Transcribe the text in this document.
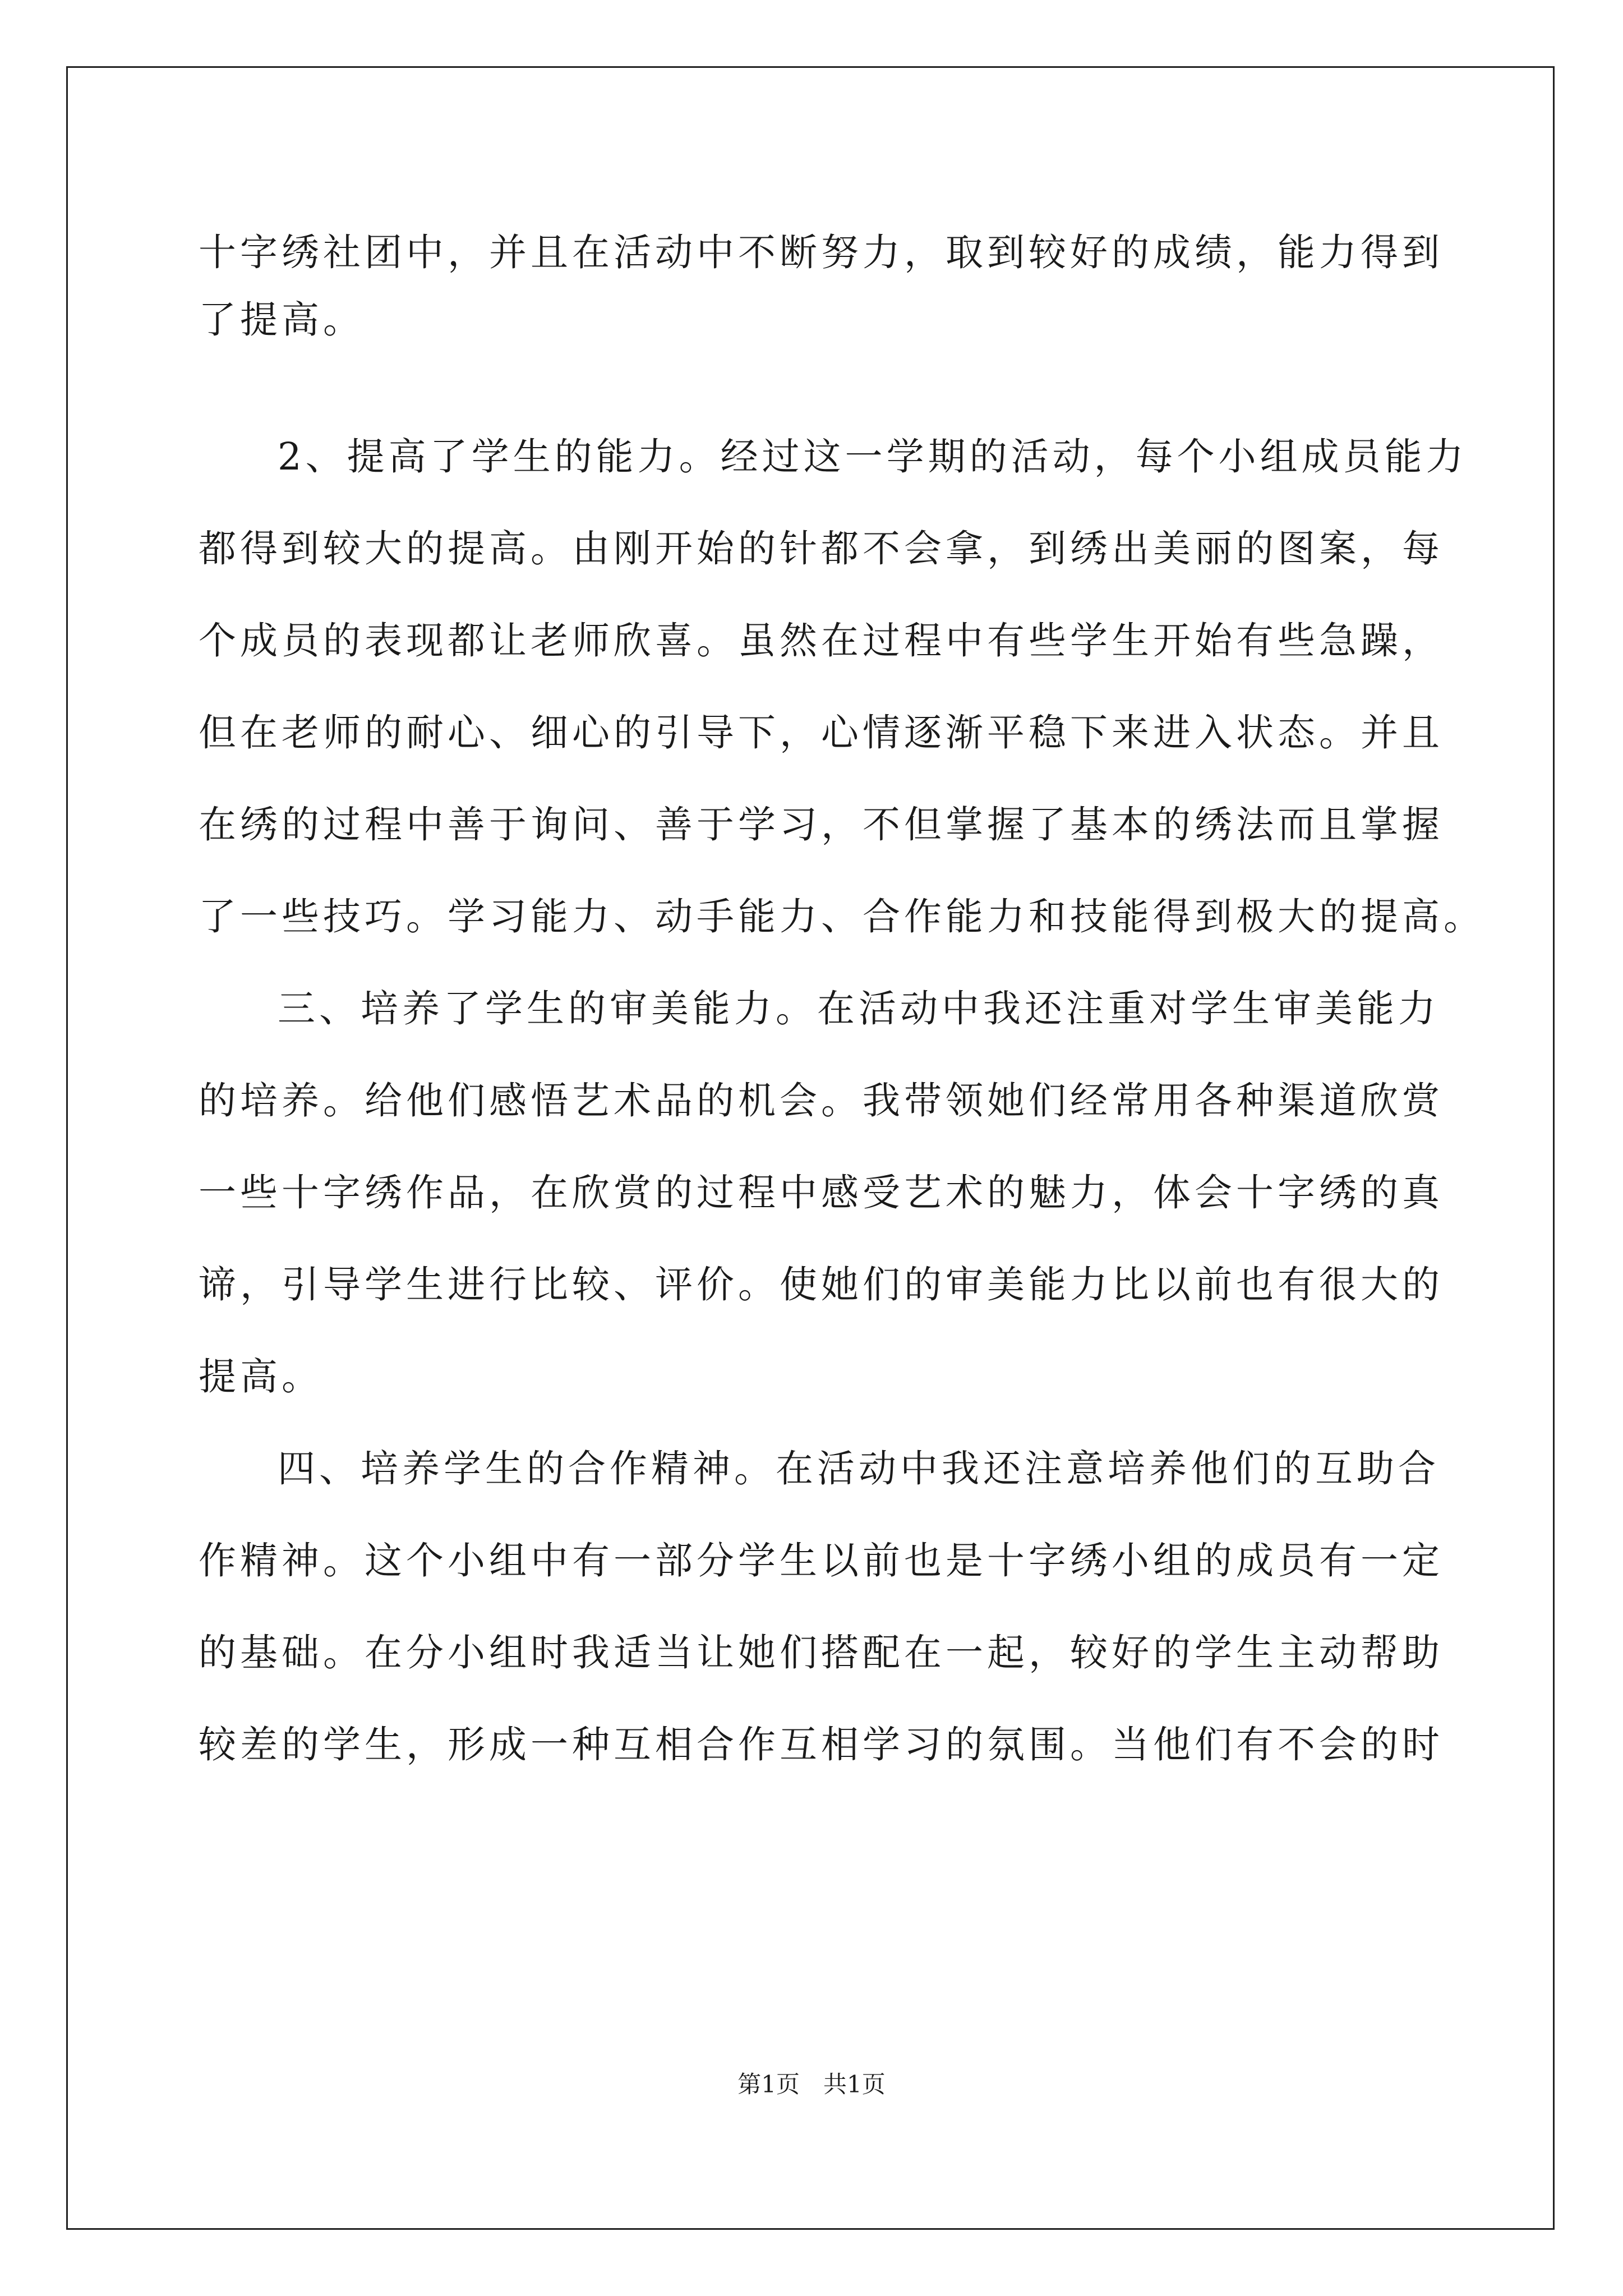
十字绣社团中，并且在活动中不断努力，取到较好的成绩，能力得到
了提高。
2、提高了学生的能力。经过这一学期的活动，每个小组成员能力
都得到较大的提高。由刚开始的针都不会拿，到绣出美丽的图案，每
个成员的表现都让老师欣喜。虽然在过程中有些学生开始有些急躁，
但在老师的耐心、细心的引导下，心情逐渐平稳下来进入状态。并且
在绣的过程中善于询问、善于学习，不但掌握了基本的绣法而且掌握
了一些技巧。学习能力、动手能力、合作能力和技能得到极大的提高。
三、培养了学生的审美能力。在活动中我还注重对学生审美能力
的培养。给他们感悟艺术品的机会。我带领她们经常用各种渠道欣赏
一些十字绣作品，在欣赏的过程中感受艺术的魅力，体会十字绣的真
谛，引导学生进行比较、评价。使她们的审美能力比以前也有很大的
提高。
四、培养学生的合作精神。在活动中我还注意培养他们的互助合
作精神。这个小组中有一部分学生以前也是十字绣小组的成员有一定
的基础。在分小组时我适当让她们搭配在一起，较好的学生主动帮助
较差的学生，形成一种互相合作互相学习的氛围。当他们有不会的时
第1页　共1页
